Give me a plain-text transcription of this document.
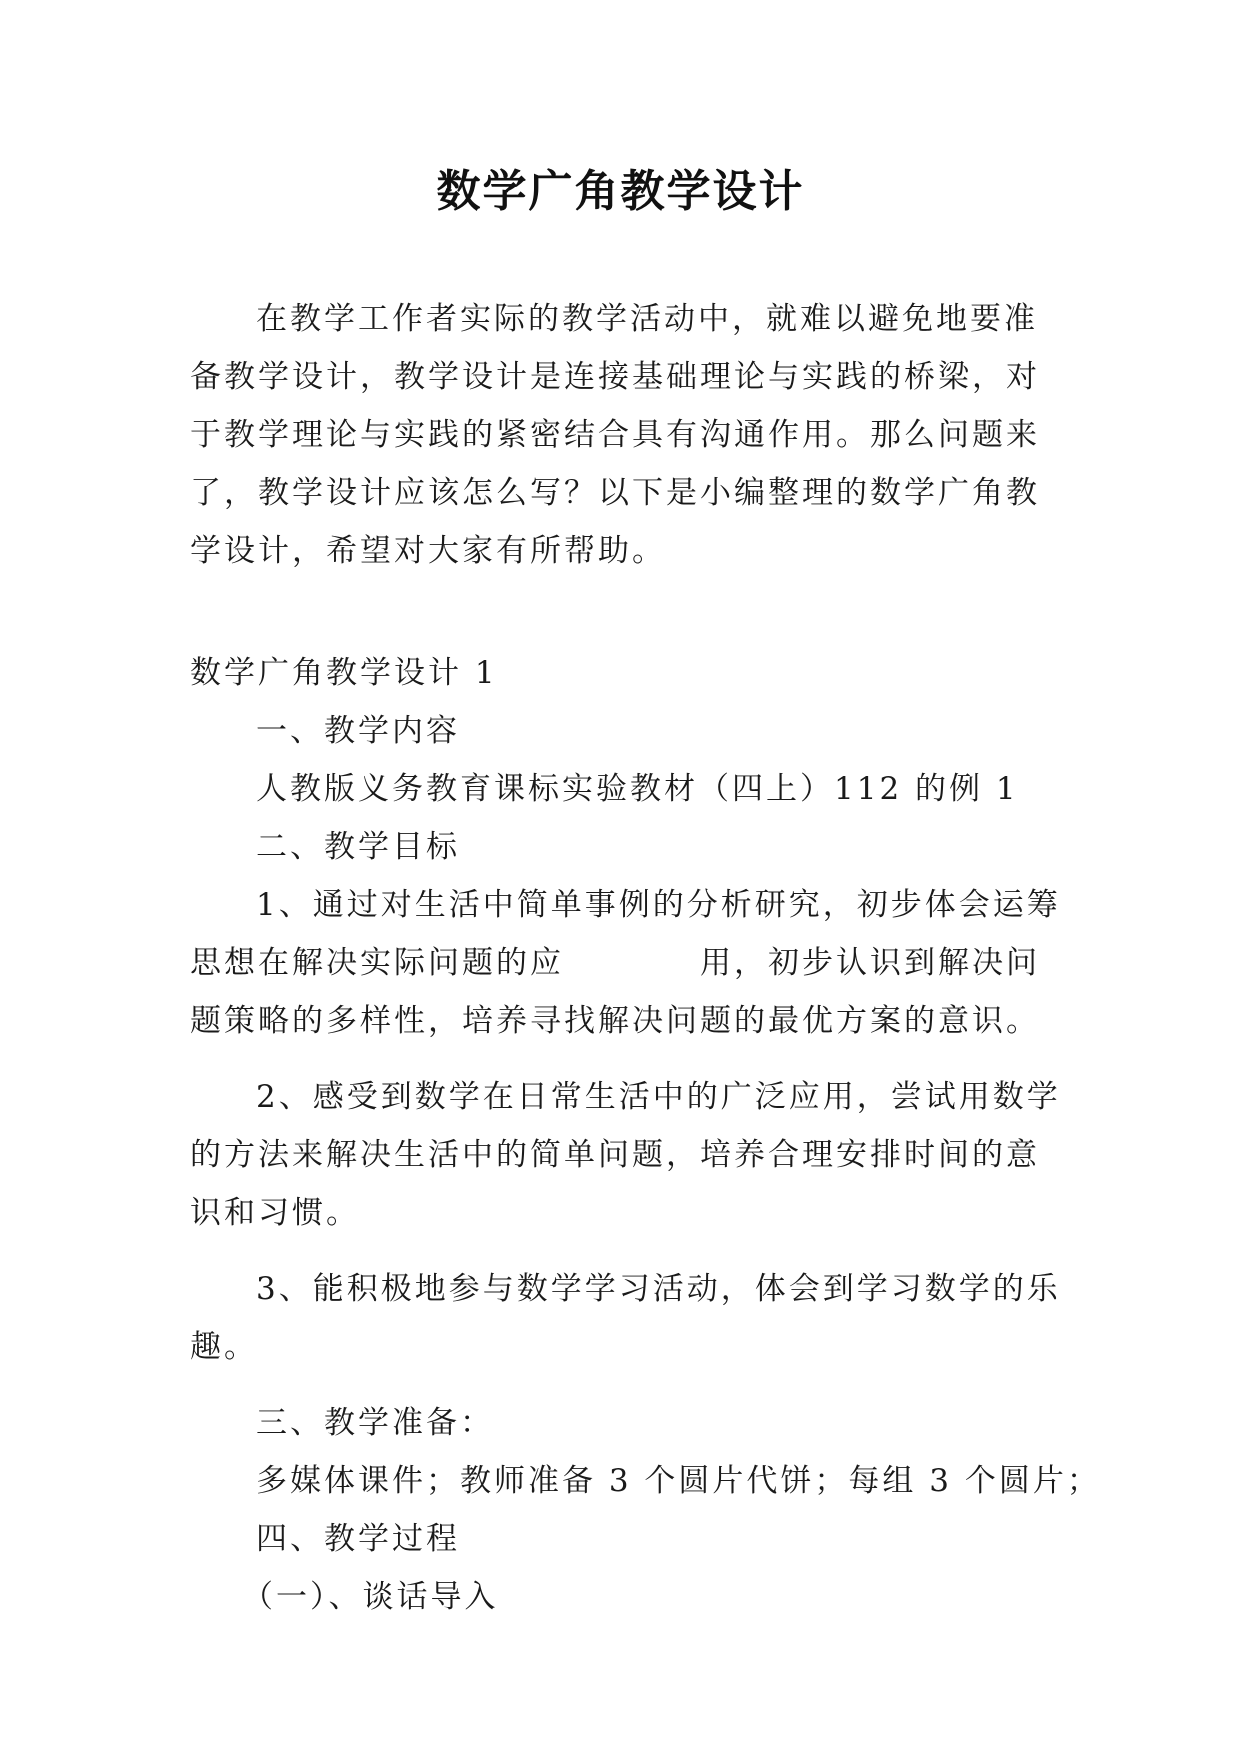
数学广角教学设计

在教学工作者实际的教学活动中，就难以避免地要准备教学设计，教学设计是连接基础理论与实践的桥梁，对于教学理论与实践的紧密结合具有沟通作用。那么问题来了，教学设计应该怎么写？以下是小编整理的数学广角教学设计，希望对大家有所帮助。

数学广角教学设计 1

一、教学内容

人教版义务教育课标实验教材（四上）112 的例 1

二、教学目标

1、通过对生活中简单事例的分析研究，初步体会运筹思想在解决实际问题的应　　　　用，初步认识到解决问题策略的多样性，培养寻找解决问题的最优方案的意识。

2、感受到数学在日常生活中的广泛应用，尝试用数学的方法来解决生活中的简单问题，培养合理安排时间的意识和习惯。

3、能积极地参与数学学习活动，体会到学习数学的乐趣。

三、教学准备：

多媒体课件；教师准备 3 个圆片代饼；每组 3 个圆片；

四、教学过程

（一）、谈话导入
